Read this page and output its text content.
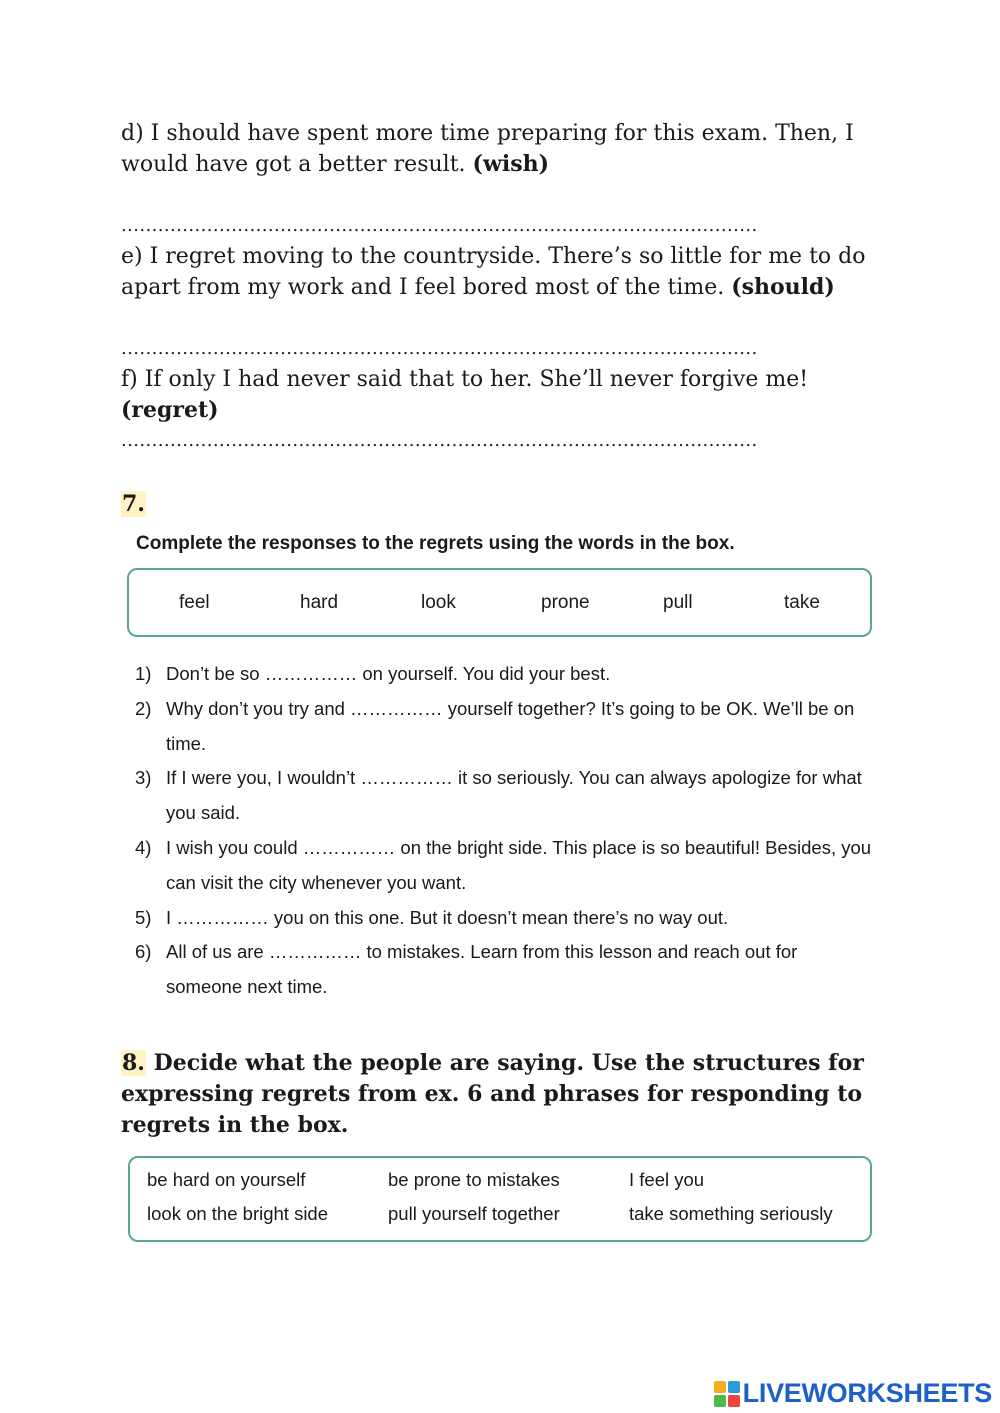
d) I should have spent more time preparing for this exam. Then, I would have got a better result. (wish)
........................................................................................................
e) I regret moving to the countryside. There’s so little for me to do apart from my work and I feel bored most of the time. (should)
........................................................................................................
f) If only I had never said that to her. She’ll never forgive me! (regret)
........................................................................................................
7.
Complete the responses to the regrets using the words in the box.
feel	hard	look	prone	pull	take
1) Don’t be so …………… on yourself. You did your best.
2) Why don’t you try and …………… yourself together? It’s going to be OK. We’ll be on time.
3) If I were you, I wouldn’t …………… it so seriously. You can always apologize for what you said.
4) I wish you could …………… on the bright side. This place is so beautiful! Besides, you can visit the city whenever you want.
5) I …………… you on this one. But it doesn’t mean there’s no way out.
6) All of us are …………… to mistakes. Learn from this lesson and reach out for someone next time.
8. Decide what the people are saying. Use the structures for expressing regrets from ex. 6 and phrases for responding to regrets in the box.
be hard on yourself	be prone to mistakes	I feel you
look on the bright side	pull yourself together	take something seriously
LIVEWORKSHEETS
